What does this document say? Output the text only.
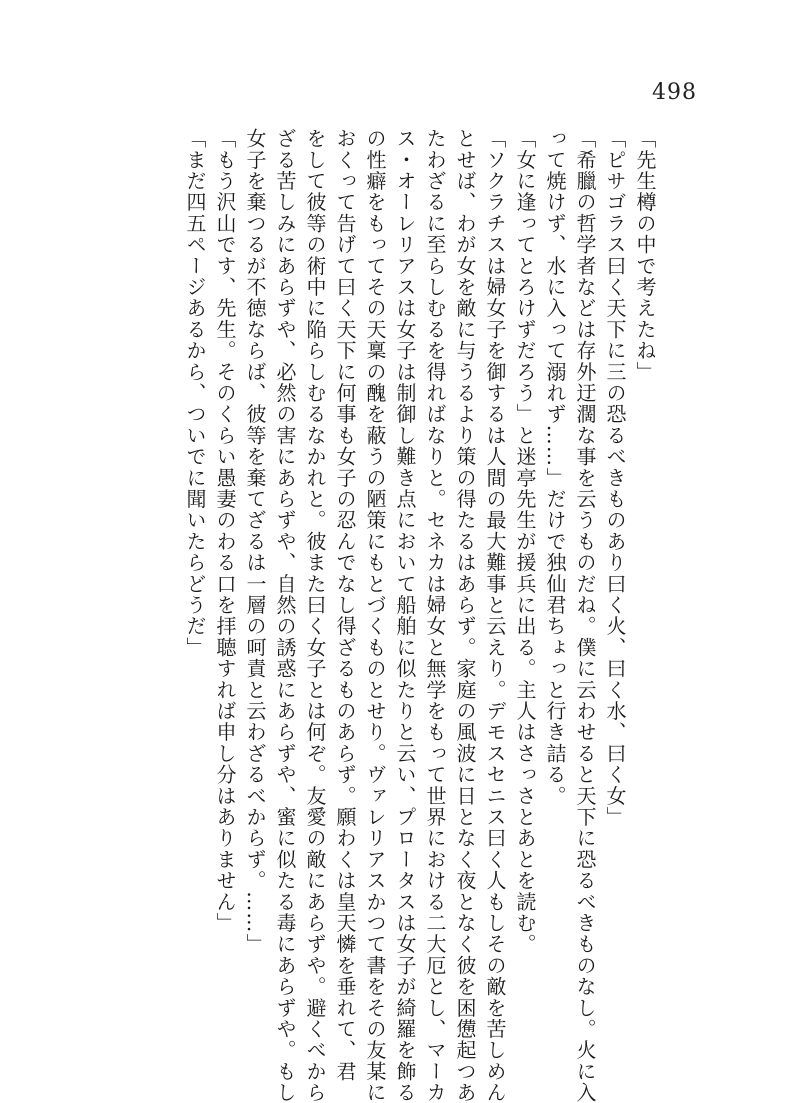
498
「先生樽の中で考えたね」
「ピサゴラス曰く天下に三の恐るべきものあり曰く火、曰く水、曰く女」
「希臘の哲学者などは存外迂濶な事を云うものだね。僕に云わせると天下に恐るべきものなし。火に入
って焼けず、水に入って溺れず……」だけで独仙君ちょっと行き詰る。
「女に逢ってとろけずだろう」と迷亭先生が援兵に出る。主人はさっさとあとを読む。
「ソクラチスは婦女子を御するは人間の最大難事と云えり。デモスセニス曰く人もしその敵を苦しめん
とせば、わが女を敵に与うるより策の得たるはあらず。家庭の風波に日となく夜となく彼を困憊起つあ
たわざるに至らしむるを得ればなりと。セネカは婦女と無学をもって世界における二大厄とし、マーカ
ス・オーレリアスは女子は制御し難き点において船舶に似たりと云い、プロータスは女子が綺羅を飾る
の性癖をもってその天稟の醜を蔽うの陋策にもとづくものとせり。ヴァレリアスかつて書をその友某に
おくって告げて曰く天下に何事も女子の忍んでなし得ざるものあらず。願わくは皇天憐を垂れて、君
をして彼等の術中に陥らしむるなかれと。彼また曰く女子とは何ぞ。友愛の敵にあらずや。避くべから
ざる苦しみにあらずや、必然の害にあらずや、自然の誘惑にあらずや、蜜に似たる毒にあらずや。もし
女子を棄つるが不徳ならば、彼等を棄てざるは一層の呵責と云わざるべからず。……」
「もう沢山です、先生。そのくらい愚妻のわる口を拝聴すれば申し分はありません」
「まだ四五ページあるから、ついでに聞いたらどうだ」
